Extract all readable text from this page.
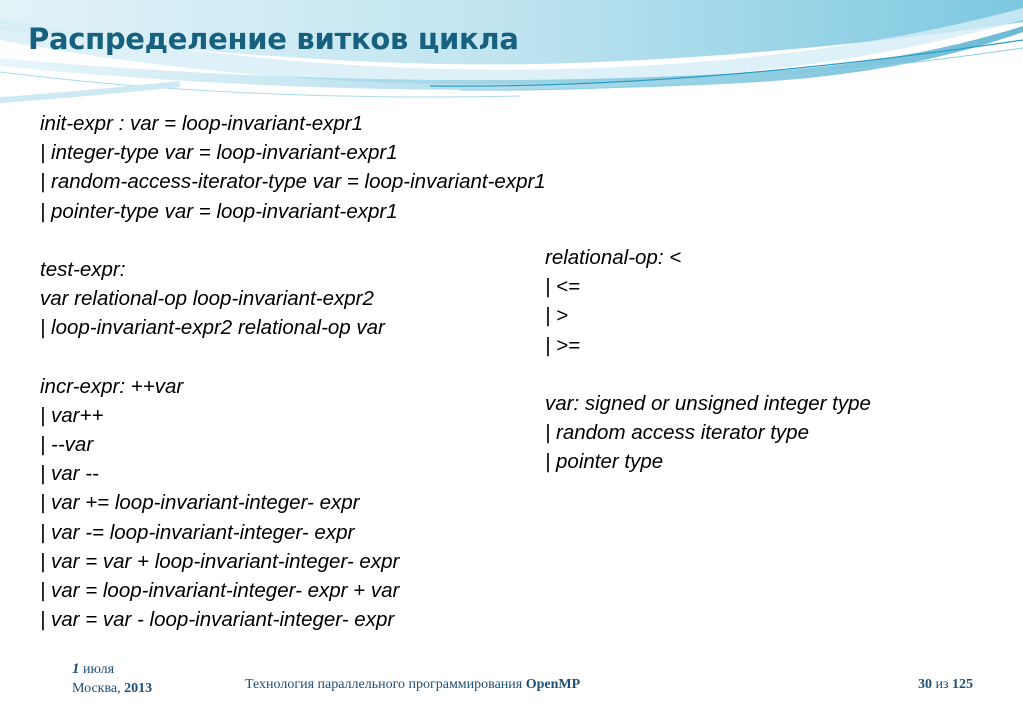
Распределение витков цикла
init-expr : var = loop-invariant-expr1
| integer-type var = loop-invariant-expr1
| random-access-iterator-type var = loop-invariant-expr1
| pointer-type var = loop-invariant-expr1
test-expr:
var relational-op loop-invariant-expr2
| loop-invariant-expr2 relational-op var
incr-expr: ++var
| var++
| --var
| var --
| var += loop-invariant-integer- expr
| var -= loop-invariant-integer- expr
| var = var + loop-invariant-integer- expr
| var = loop-invariant-integer- expr + var
| var = var - loop-invariant-integer- expr
relational-op: <
| <=
| >
| >=
var: signed or unsigned integer type
| random access iterator type
| pointer type
1 июля
Москва, 2013	Технология параллельного программирования OpenMP	30 из 125
